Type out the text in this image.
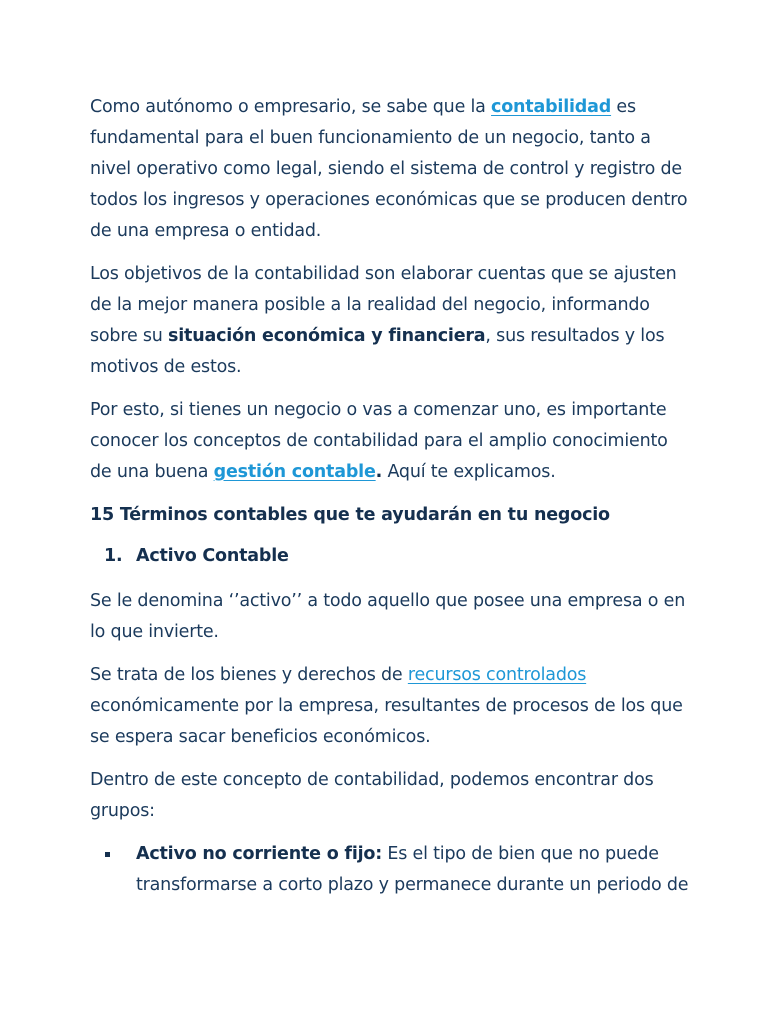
Como autónomo o empresario, se sabe que la contabilidad es fundamental para el buen funcionamiento de un negocio, tanto a nivel operativo como legal, siendo el sistema de control y registro de todos los ingresos y operaciones económicas que se producen dentro de una empresa o entidad.

Los objetivos de la contabilidad son elaborar cuentas que se ajusten de la mejor manera posible a la realidad del negocio, informando sobre su situación económica y financiera, sus resultados y los motivos de estos.

Por esto, si tienes un negocio o vas a comenzar uno, es importante conocer los conceptos de contabilidad para el amplio conocimiento de una buena gestión contable. Aquí te explicamos.

15 Términos contables que te ayudarán en tu negocio
1. Activo Contable

Se le denomina ‘’activo’’ a todo aquello que posee una empresa o en lo que invierte.

Se trata de los bienes y derechos de recursos controlados económicamente por la empresa, resultantes de procesos de los que se espera sacar beneficios económicos.

Dentro de este concepto de contabilidad, podemos encontrar dos grupos:

Activo no corriente o fijo: Es el tipo de bien que no puede transformarse a corto plazo y permanece durante un periodo de
